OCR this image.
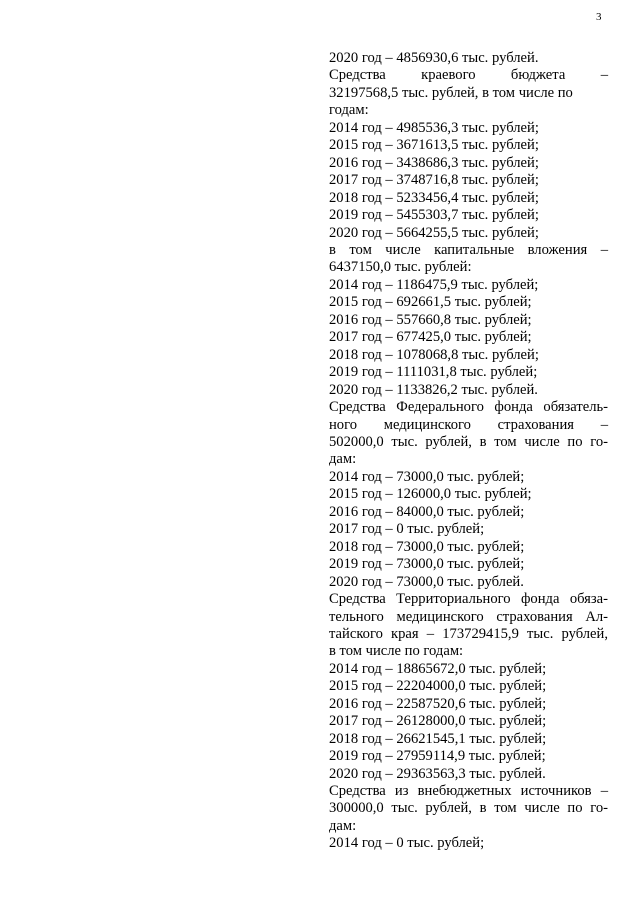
3
2020 год – 4856930,6 тыс. рублей.
Средства краевого бюджета –
32197568,5 тыс. рублей, в том числе по
годам:
2014 год – 4985536,3 тыс. рублей;
2015 год – 3671613,5 тыс. рублей;
2016 год – 3438686,3 тыс. рублей;
2017 год – 3748716,8 тыс. рублей;
2018 год – 5233456,4 тыс. рублей;
2019 год – 5455303,7 тыс. рублей;
2020 год – 5664255,5 тыс. рублей;
в том числе капитальные вложения –
6437150,0 тыс. рублей:
2014 год – 1186475,9 тыс. рублей;
2015 год – 692661,5 тыс. рублей;
2016 год – 557660,8 тыс. рублей;
2017 год – 677425,0 тыс. рублей;
2018 год – 1078068,8 тыс. рублей;
2019 год – 1111031,8 тыс. рублей;
2020 год – 1133826,2 тыс. рублей.
Средства Федерального фонда обязатель-
ного медицинского страхования –
502000,0 тыс. рублей, в том числе по го-
дам:
2014 год – 73000,0 тыс. рублей;
2015 год – 126000,0 тыс. рублей;
2016 год – 84000,0 тыс. рублей;
2017 год – 0 тыс. рублей;
2018 год – 73000,0 тыс. рублей;
2019 год – 73000,0 тыс. рублей;
2020 год – 73000,0 тыс. рублей.
Средства Территориального фонда обяза-
тельного медицинского страхования Ал-
тайского края – 173729415,9 тыс. рублей,
в том числе по годам:
2014 год – 18865672,0 тыс. рублей;
2015 год – 22204000,0 тыс. рублей;
2016 год – 22587520,6 тыс. рублей;
2017 год – 26128000,0 тыс. рублей;
2018 год – 26621545,1 тыс. рублей;
2019 год – 27959114,9 тыс. рублей;
2020 год – 29363563,3 тыс. рублей.
Средства из внебюджетных источников –
300000,0 тыс. рублей, в том числе по го-
дам:
2014 год – 0 тыс. рублей;
